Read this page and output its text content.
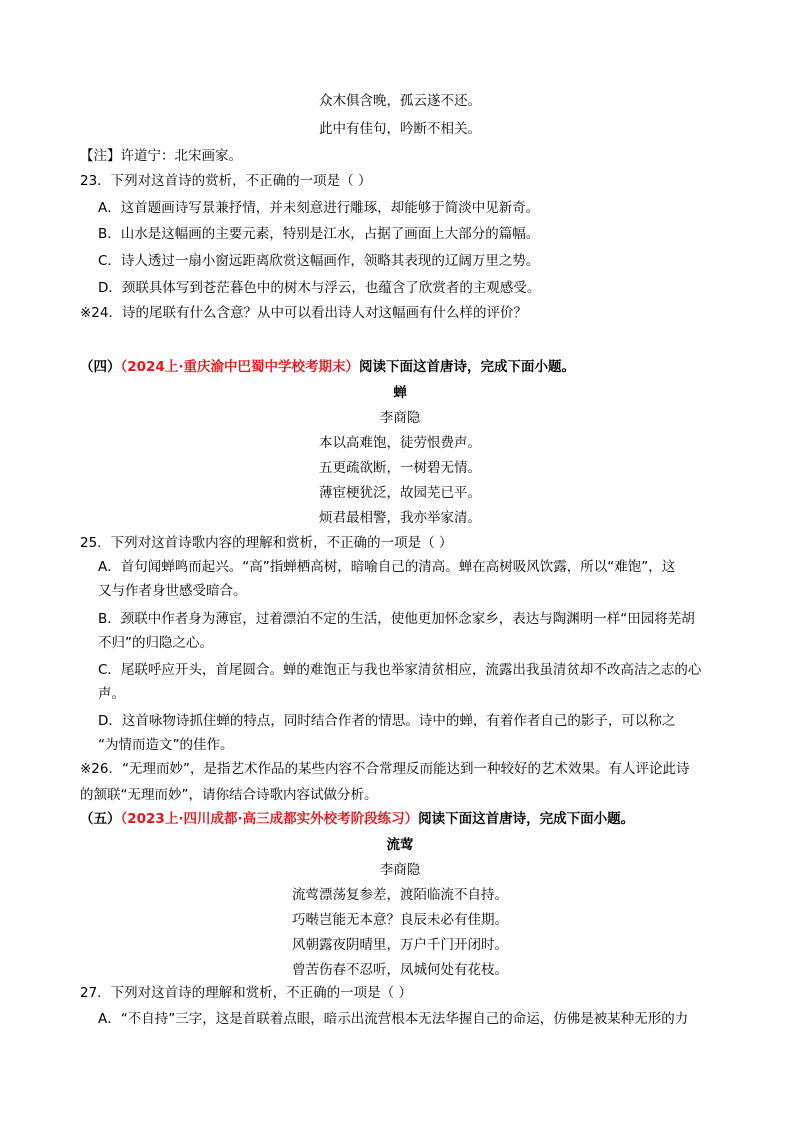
众木俱含晚，孤云遂不还。
此中有佳句，吟断不相关。
【注】许道宁：北宋画家。
23．下列对这首诗的赏析，不正确的一项是（ ）
A．这首题画诗写景兼抒情，并未刻意进行雕琢，却能够于简淡中见新奇。
B．山水是这幅画的主要元素，特别是江水，占据了画面上大部分的篇幅。
C．诗人透过一扇小窗远距离欣赏这幅画作，领略其表现的辽阔万里之势。
D．颈联具体写到苍茫暮色中的树木与浮云，也蕴含了欣赏者的主观感受。
※24．诗的尾联有什么含意？从中可以看出诗人对这幅画有什么样的评价？
（四）（2024上·重庆渝中巴蜀中学校考期末）阅读下面这首唐诗，完成下面小题。
蝉
李商隐
本以高难饱，徒劳恨费声。
五更疏欲断，一树碧无情。
薄宦梗犹泛，故园芜已平。
烦君最相警，我亦举家清。
25．下列对这首诗歌内容的理解和赏析，不正确的一项是（ ）
A．首句闻蝉鸣而起兴。“高”指蝉栖高树，暗喻自己的清高。蝉在高树吸风饮露，所以“难饱”，这
又与作者身世感受暗合。
B．颈联中作者身为薄宦，过着漂泊不定的生活，使他更加怀念家乡，表达与陶渊明一样“田园将芜胡
不归”的归隐之心。
C．尾联呼应开头，首尾圆合。蝉的难饱正与我也举家清贫相应，流露出我虽清贫却不改高洁之志的心
声。
D．这首咏物诗抓住蝉的特点，同时结合作者的情思。诗中的蝉，有着作者自己的影子，可以称之
“为情而造文”的佳作。
※26．“无理而妙”，是指艺术作品的某些内容不合常理反而能达到一种较好的艺术效果。有人评论此诗
的颔联“无理而妙”，请你结合诗歌内容试做分析。
（五）（2023上·四川成都·高三成都实外校考阶段练习）阅读下面这首唐诗，完成下面小题。
流莺
李商隐
流莺漂荡复参差，渡陌临流不自持。
巧啭岂能无本意？良辰未必有佳期。
风朝露夜阴晴里，万户千门开闭时。
曾苦伤春不忍听，凤城何处有花枝。
27．下列对这首诗的理解和赏析，不正确的一项是（ ）
A．“不自持”三字，这是首联着点眼，暗示出流营根本无法华握自己的命运，仿佛是被某种无形的力
